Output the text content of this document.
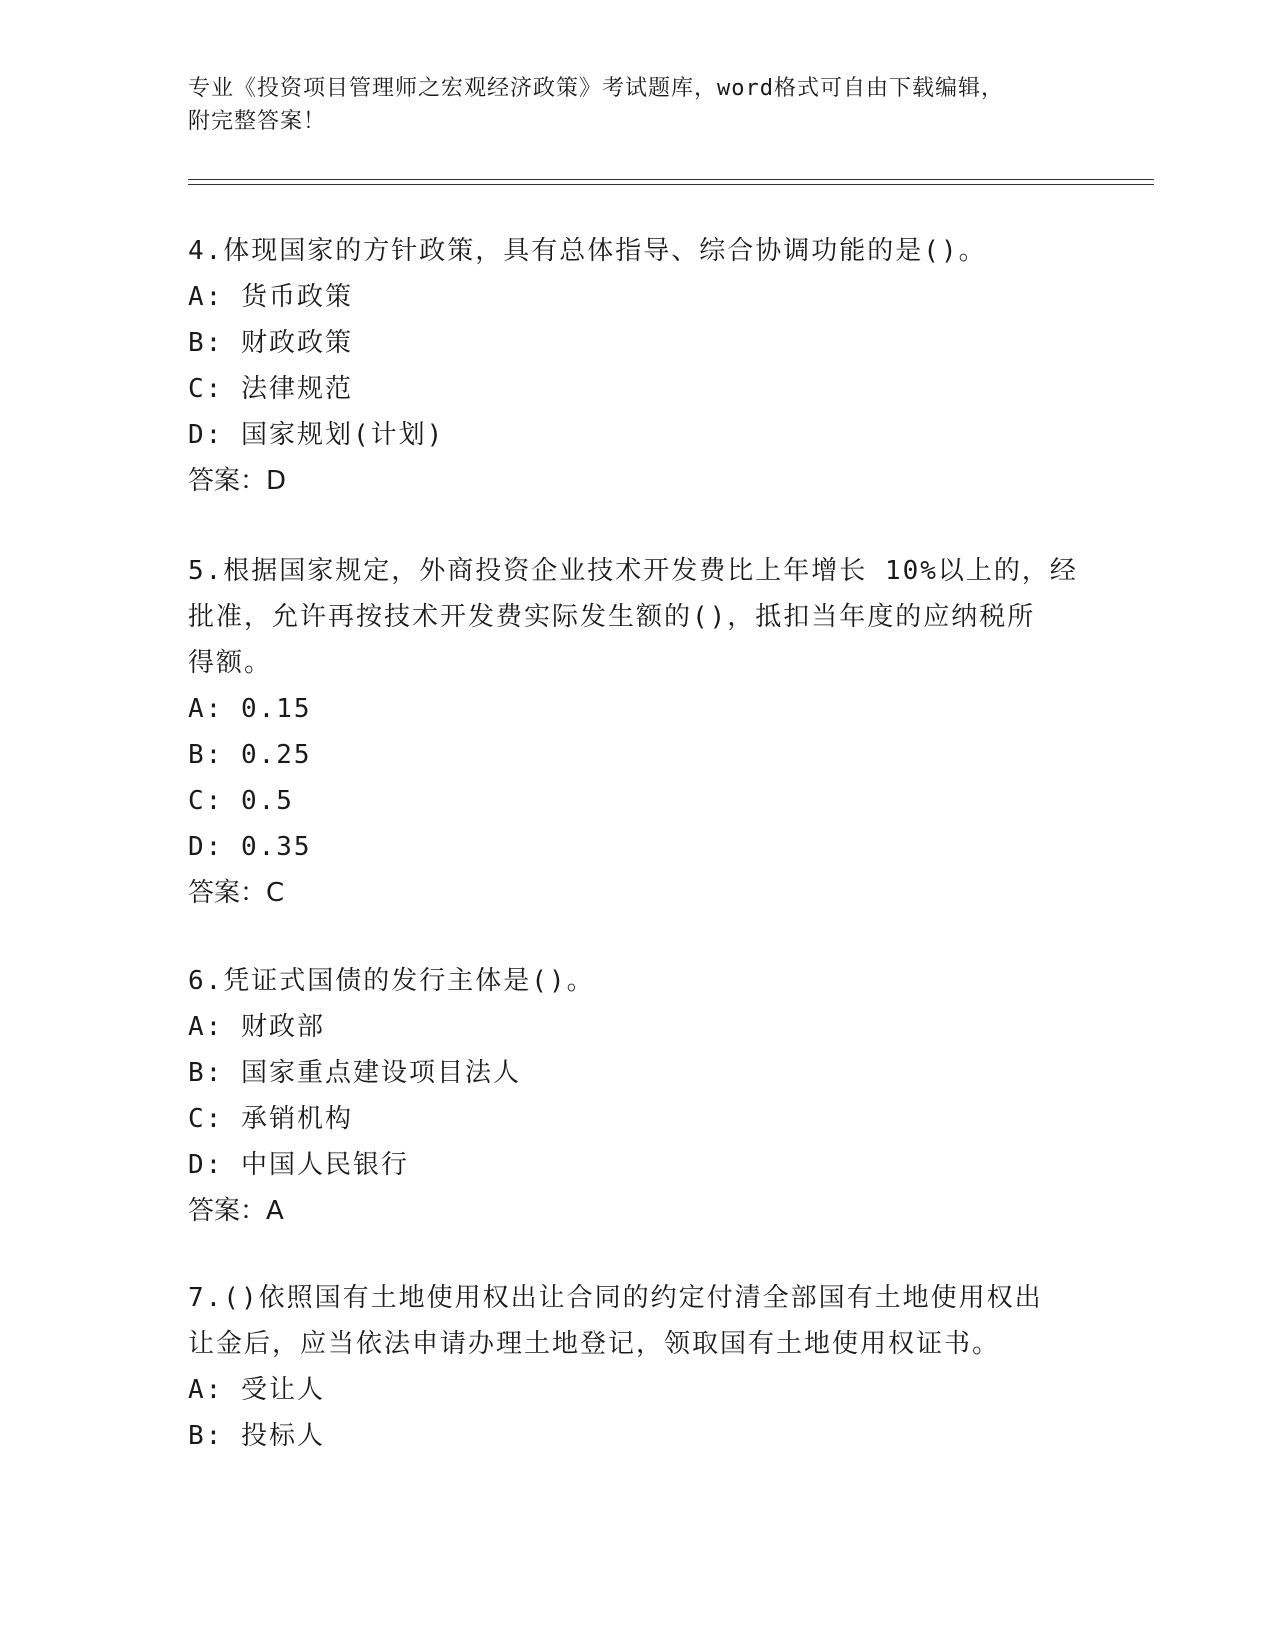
专业《投资项目管理师之宏观经济政策》考试题库，word格式可自由下载编辑，
附完整答案！

4.体现国家的方针政策，具有总体指导、综合协调功能的是()。

A: 货币政策

B: 财政政策

C: 法律规范

D: 国家规划(计划)

答案：D

5.根据国家规定，外商投资企业技术开发费比上年增长 10%以上的，经

批准，允许再按技术开发费实际发生额的()，抵扣当年度的应纳税所

得额。

A: 0.15

B: 0.25

C: 0.5

D: 0.35

答案：C

6.凭证式国债的发行主体是()。

A: 财政部

B: 国家重点建设项目法人

C: 承销机构

D: 中国人民银行

答案：A

7.()依照国有土地使用权出让合同的约定付清全部国有土地使用权出

让金后，应当依法申请办理土地登记，领取国有土地使用权证书。

A: 受让人

B: 投标人
